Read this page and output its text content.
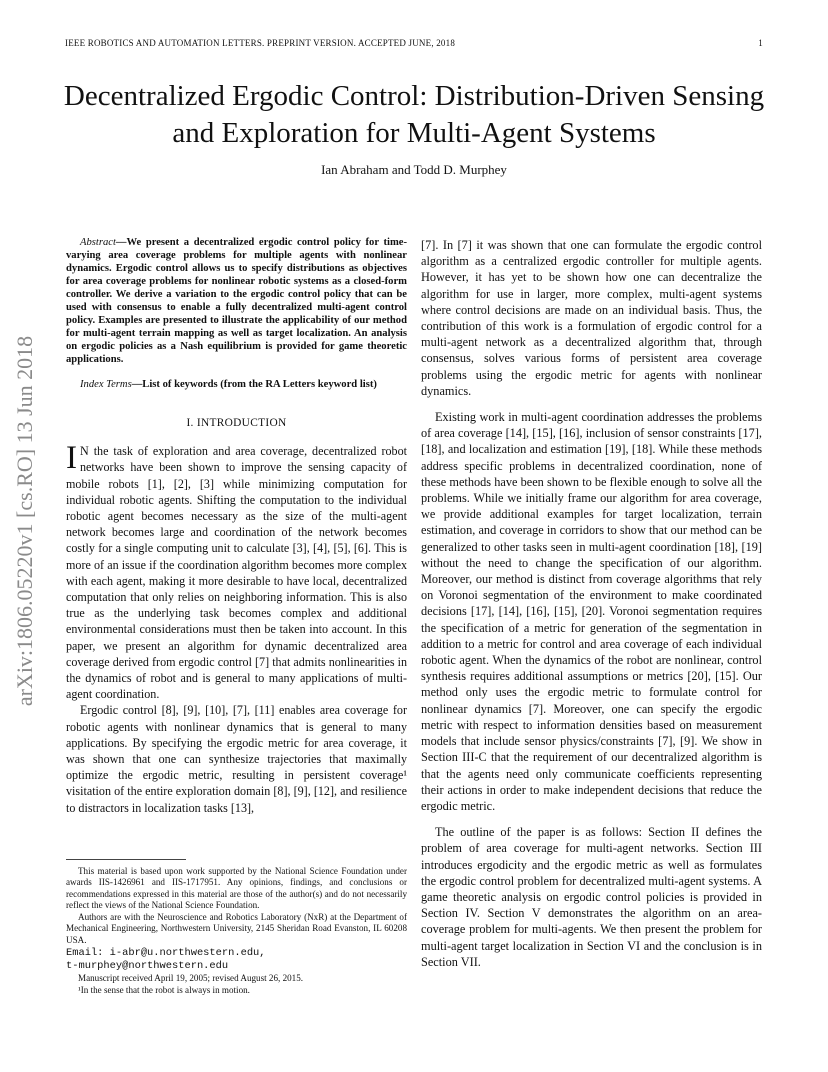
IEEE ROBOTICS AND AUTOMATION LETTERS. PREPRINT VERSION. ACCEPTED JUNE, 2018	1
arXiv:1806.05220v1 [cs.RO] 13 Jun 2018
Decentralized Ergodic Control: Distribution-Driven Sensing and Exploration for Multi-Agent Systems
Ian Abraham and Todd D. Murphey

Abstract—We present a decentralized ergodic control policy for time-varying area coverage problems for multiple agents with nonlinear dynamics. Ergodic control allows us to specify distributions as objectives for area coverage problems for nonlinear robotic systems as a closed-form controller. We derive a variation to the ergodic control policy that can be used with consensus to enable a fully decentralized multi-agent control policy. Examples are presented to illustrate the applicability of our method for multi-agent terrain mapping as well as target localization. An analysis on ergodic policies as a Nash equilibrium is provided for game theoretic applications.

Index Terms—List of keywords (from the RA Letters keyword list)

I. INTRODUCTION

I N the task of exploration and area coverage, decentralized robot networks have been shown to improve the sensing capacity of mobile robots [1], [2], [3] while minimizing computation for individual robotic agents. Shifting the computation to the individual robotic agent becomes necessary as the size of the multi-agent network becomes large and coordination of the network becomes costly for a single computing unit to calculate [3], [4], [5], [6]. This is more of an issue if the coordination algorithm becomes more complex with each agent, making it more desirable to have local, decentralized computation that only relies on neighboring information. This is also true as the underlying task becomes complex and additional environmental considerations must then be taken into account. In this paper, we present an algorithm for dynamic decentralized area coverage derived from ergodic control [7] that admits nonlinearities in the dynamics of robot and is general to many applications of multi-agent coordination.

Ergodic control [8], [9], [10], [7], [11] enables area coverage for robotic agents with nonlinear dynamics that is general to many applications. By specifying the ergodic metric for area coverage, it was shown that one can synthesize trajectories that maximally optimize the ergodic metric, resulting in persistent coverage¹ visitation of the entire exploration domain [8], [9], [12], and resilience to distractors in localization tasks [13],

This material is based upon work supported by the National Science Foundation under awards IIS-1426961 and IIS-1717951. Any opinions, findings, and conclusions or recommendations expressed in this material are those of the author(s) and do not necessarily reflect the views of the National Science Foundation.

Authors are with the Neuroscience and Robotics Laboratory (NxR) at the Department of Mechanical Engineering, Northwestern University, 2145 Sheridan Road Evanston, IL 60208 USA.

Email: i-abr@u.northwestern.edu,

t-murphey@northwestern.edu

Manuscript received April 19, 2005; revised August 26, 2015.

¹In the sense that the robot is always in motion.

[7]. In [7] it was shown that one can formulate the ergodic control algorithm as a centralized ergodic controller for multiple agents. However, it has yet to be shown how one can decentralize the algorithm for use in larger, more complex, multi-agent systems where control decisions are made on an individual basis. Thus, the contribution of this work is a formulation of ergodic control for a multi-agent network as a decentralized algorithm that, through consensus, solves various forms of persistent area coverage problems using the ergodic metric for agents with nonlinear dynamics.

Existing work in multi-agent coordination addresses the problems of area coverage [14], [15], [16], inclusion of sensor constraints [17], [18], and localization and estimation [19], [18]. While these methods address specific problems in decentralized coordination, none of these methods have been shown to be flexible enough to solve all the problems. While we initially frame our algorithm for area coverage, we provide additional examples for target localization, terrain estimation, and coverage in corridors to show that our method can be generalized to other tasks seen in multi-agent coordination [18], [19] without the need to change the specification of our algorithm. Moreover, our method is distinct from coverage algorithms that rely on Voronoi segmentation of the environment to make coordinated decisions [17], [14], [16], [15], [20]. Voronoi segmentation requires the specification of a metric for generation of the segmentation in addition to a metric for control and area coverage of each individual robotic agent. When the dynamics of the robot are nonlinear, control synthesis requires additional assumptions or metrics [20], [15]. Our method only uses the ergodic metric to formulate control for nonlinear dynamics [7]. Moreover, one can specify the ergodic metric with respect to information densities based on measurement models that include sensor physics/constraints [7], [9]. We show in Section III-C that the requirement of our decentralized algorithm is that the agents need only communicate coefficients representing their actions in order to make independent decisions that reduce the ergodic metric.

The outline of the paper is as follows: Section II defines the problem of area coverage for multi-agent networks. Section III introduces ergodicity and the ergodic metric as well as formulates the ergodic control problem for decentralized multi-agent systems. A game theoretic analysis on ergodic control policies is provided in Section IV. Section V demonstrates the algorithm on an area-coverage problem for multi-agents. We then present the problem for multi-agent target localization in Section VI and the conclusion is in Section VII.
